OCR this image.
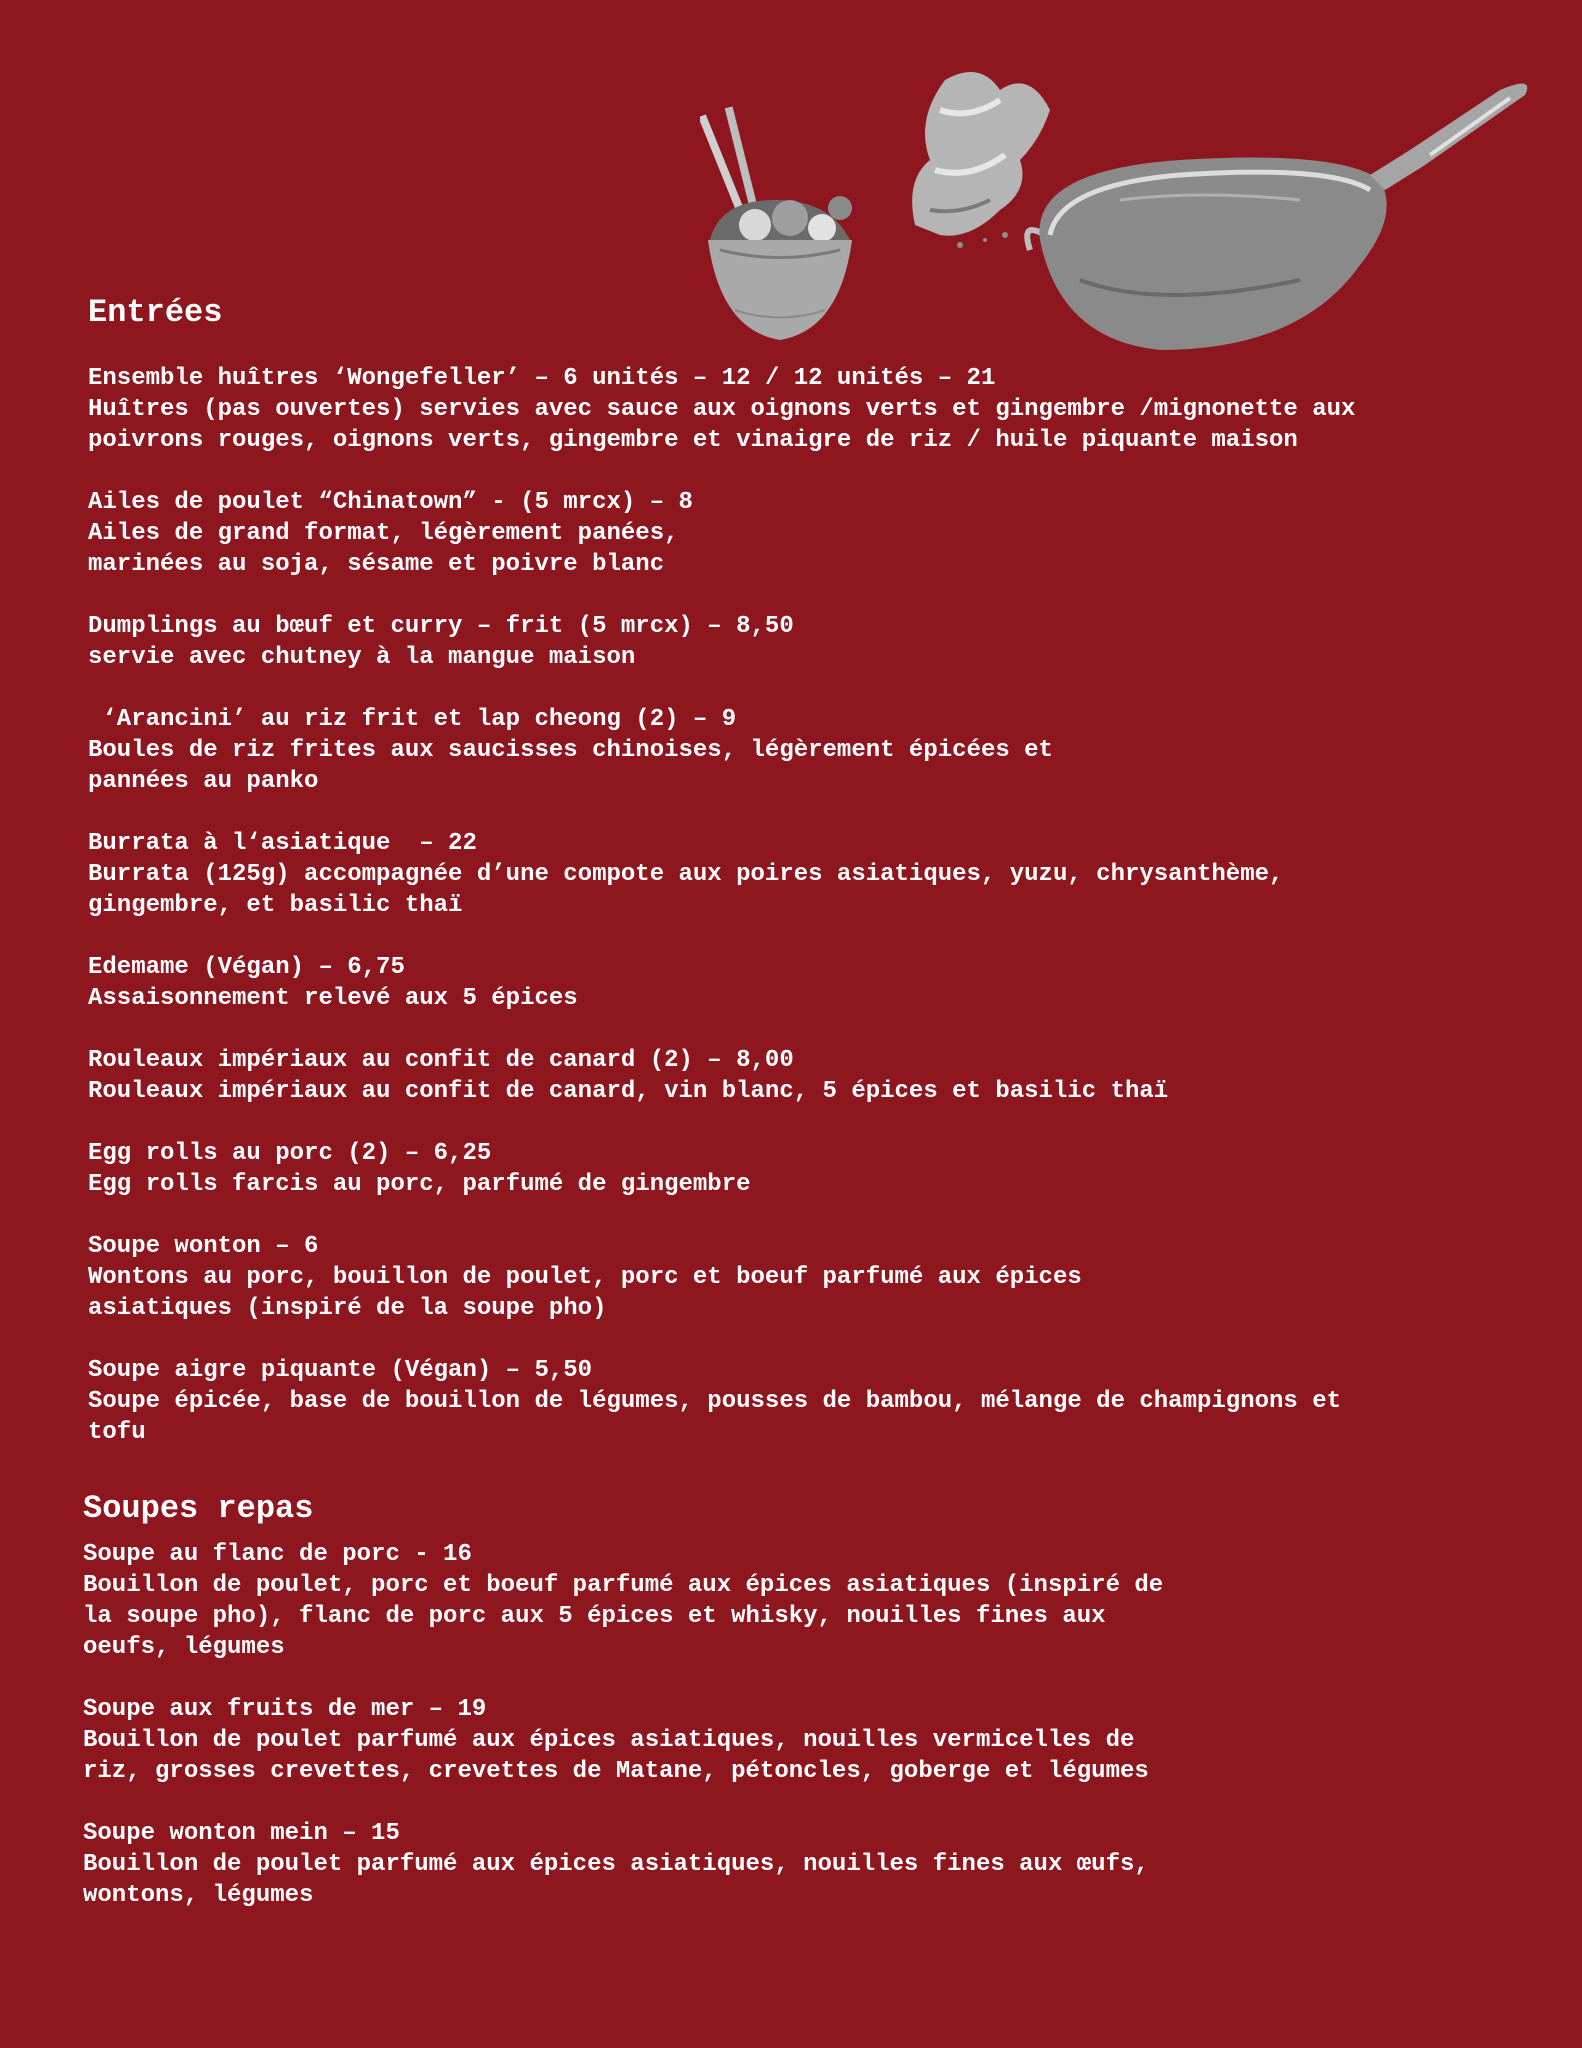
Entrées
Ensemble huîtres ‘Wongefeller’ – 6 unités – 12 / 12 unités – 21
Huîtres (pas ouvertes) servies avec sauce aux oignons verts et gingembre /mignonette aux
poivrons rouges, oignons verts, gingembre et vinaigre de riz / huile piquante maison
Ailes de poulet “Chinatown” - (5 mrcx) – 8
Ailes de grand format, légèrement panées,
marinées au soja, sésame et poivre blanc
Dumplings au bœuf et curry – frit (5 mrcx) – 8,50
servie avec chutney à la mangue maison
‘Arancini’ au riz frit et lap cheong (2) – 9
Boules de riz frites aux saucisses chinoises, légèrement épicées et
pannées au panko
Burrata à l‘asiatique  – 22
Burrata (125g) accompagnée d’une compote aux poires asiatiques, yuzu, chrysanthème,
gingembre, et basilic thaï
Edemame (Végan) – 6,75
Assaisonnement relevé aux 5 épices
Rouleaux impériaux au confit de canard (2) – 8,00
Rouleaux impériaux au confit de canard, vin blanc, 5 épices et basilic thaï
Egg rolls au porc (2) – 6,25
Egg rolls farcis au porc, parfumé de gingembre
Soupe wonton – 6
Wontons au porc, bouillon de poulet, porc et boeuf parfumé aux épices
asiatiques (inspiré de la soupe pho)
Soupe aigre piquante (Végan) – 5,50
Soupe épicée, base de bouillon de légumes, pousses de bambou, mélange de champignons et
tofu
Soupes repas
Soupe au flanc de porc - 16
Bouillon de poulet, porc et boeuf parfumé aux épices asiatiques (inspiré de
la soupe pho), flanc de porc aux 5 épices et whisky, nouilles fines aux
oeufs, légumes
Soupe aux fruits de mer – 19
Bouillon de poulet parfumé aux épices asiatiques, nouilles vermicelles de
riz, grosses crevettes, crevettes de Matane, pétoncles, goberge et légumes
Soupe wonton mein – 15
Bouillon de poulet parfumé aux épices asiatiques, nouilles fines aux œufs,
wontons, légumes
